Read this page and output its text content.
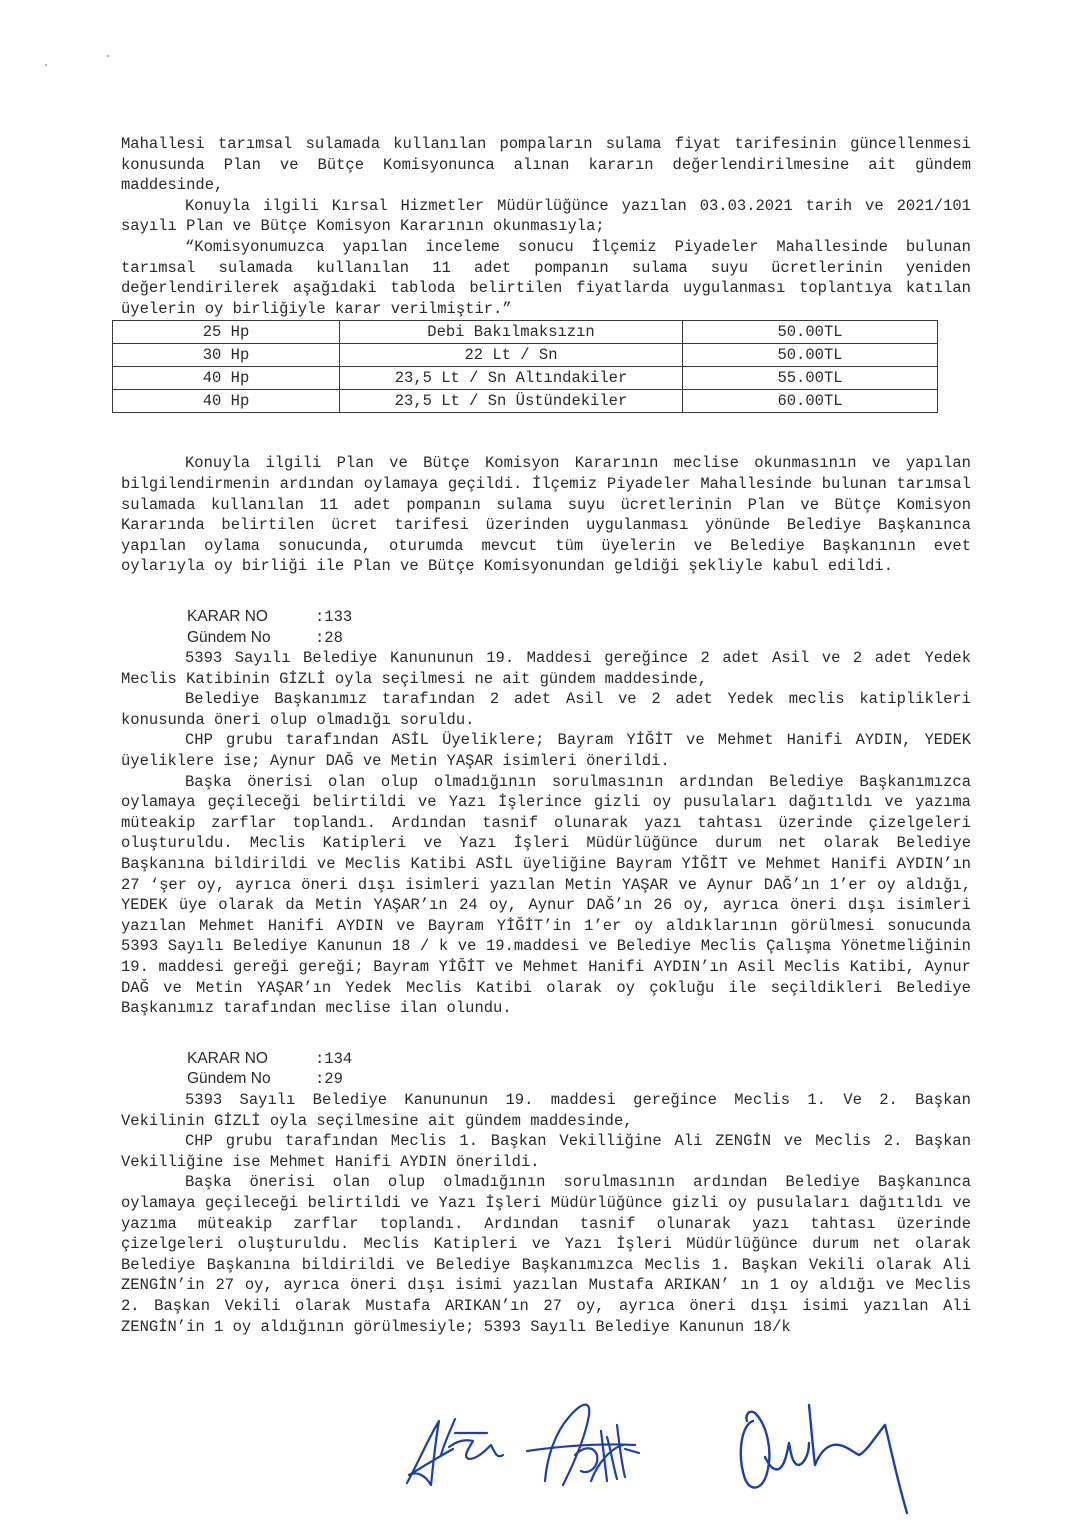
Mahallesi tarımsal sulamada kullanılan pompaların sulama fiyat tarifesinin güncellenmesi konusunda Plan ve Bütçe Komisyonunca alınan kararın değerlendirilmesine ait gündem maddesinde,

Konuyla ilgili Kırsal Hizmetler Müdürlüğünce yazılan 03.03.2021 tarih ve 2021/101 sayılı Plan ve Bütçe Komisyon Kararının okunmasıyla;

“Komisyonumuzca yapılan inceleme sonucu İlçemiz Piyadeler Mahallesinde bulunan tarımsal sulamada kullanılan 11 adet pompanın sulama suyu ücretlerinin yeniden değerlendirilerek aşağıdaki tabloda belirtilen fiyatlarda uygulanması toplantıya katılan üyelerin oy birliğiyle karar verilmiştir.”

25 Hp	Debi Bakılmaksızın	50.00TL
30 Hp	22 Lt / Sn	50.00TL
40 Hp	23,5 Lt / Sn Altındakiler	55.00TL
40 Hp	23,5 Lt / Sn Üstündekiler	60.00TL

Konuyla ilgili Plan ve Bütçe Komisyon Kararının meclise okunmasının ve yapılan bilgilendirmenin ardından oylamaya geçildi. İlçemiz Piyadeler Mahallesinde bulunan tarımsal sulamada kullanılan 11 adet pompanın sulama suyu ücretlerinin Plan ve Bütçe Komisyon Kararında belirtilen ücret tarifesi üzerinden uygulanması yönünde Belediye Başkanınca yapılan oylama sonucunda, oturumda mevcut tüm üyelerin ve Belediye Başkanının evet oylarıyla oy birliği ile Plan ve Bütçe Komisyonundan geldiği şekliyle kabul edildi.

KARAR NO	:133

Gündem No	:28

5393 Sayılı Belediye Kanununun 19. Maddesi gereğince 2 adet Asil ve 2 adet Yedek Meclis Katibinin GİZLİ oyla seçilmesi ne ait gündem maddesinde,

Belediye Başkanımız tarafından 2 adet Asil ve 2 adet Yedek meclis katiplikleri konusunda öneri olup olmadığı soruldu.

CHP grubu tarafından ASİL Üyeliklere; Bayram YİĞİT ve Mehmet Hanifi AYDIN, YEDEK üyeliklere ise; Aynur DAĞ ve Metin YAŞAR isimleri önerildi.

Başka önerisi olan olup olmadığının sorulmasının ardından Belediye Başkanımızca oylamaya geçileceği belirtildi ve Yazı İşlerince gizli oy pusulaları dağıtıldı ve yazıma müteakip zarflar toplandı. Ardından tasnif olunarak yazı tahtası üzerinde çizelgeleri oluşturuldu. Meclis Katipleri ve Yazı İşleri Müdürlüğünce durum net olarak Belediye Başkanına bildirildi ve Meclis Katibi ASİL üyeliğine Bayram YİĞİT ve Mehmet Hanifi AYDIN’ın 27 ‘şer oy, ayrıca öneri dışı isimleri yazılan Metin YAŞAR ve Aynur DAĞ’ın 1’er oy aldığı, YEDEK üye olarak da Metin YAŞAR’ın 24 oy, Aynur DAĞ’ın 26 oy, ayrıca öneri dışı isimleri yazılan Mehmet Hanifi AYDIN ve Bayram YİĞİT’in 1’er oy aldıklarının görülmesi sonucunda 5393 Sayılı Belediye Kanunun 18 / k ve 19.maddesi ve Belediye Meclis Çalışma Yönetmeliğinin 19. maddesi gereği gereği; Bayram YİĞİT ve Mehmet Hanifi AYDIN’ın Asil Meclis Katibi, Aynur DAĞ ve Metin YAŞAR’ın Yedek Meclis Katibi olarak oy çokluğu ile seçildikleri Belediye Başkanımız tarafından meclise ilan olundu.

KARAR NO	:134

Gündem No	:29

5393 Sayılı Belediye Kanununun 19. maddesi gereğince Meclis 1. Ve 2. Başkan Vekilinin GİZLİ oyla seçilmesine ait gündem maddesinde,

CHP grubu tarafından Meclis 1. Başkan Vekilliğine Ali ZENGİN ve Meclis 2. Başkan Vekilliğine ise Mehmet Hanifi AYDIN önerildi.

Başka önerisi olan olup olmadığının sorulmasının ardından Belediye Başkanınca oylamaya geçileceği belirtildi ve Yazı İşleri Müdürlüğünce gizli oy pusulaları dağıtıldı ve yazıma müteakip zarflar toplandı. Ardından tasnif olunarak yazı tahtası üzerinde çizelgeleri oluşturuldu. Meclis Katipleri ve Yazı İşleri Müdürlüğünce durum net olarak Belediye Başkanına bildirildi ve Belediye Başkanımızca Meclis 1. Başkan Vekili olarak Ali ZENGİN’in 27 oy, ayrıca öneri dışı isimi yazılan Mustafa ARIKAN’ ın 1 oy aldığı ve Meclis 2. Başkan Vekili olarak Mustafa ARIKAN’ın 27 oy, ayrıca öneri dışı isimi yazılan Ali ZENGİN’in 1 oy aldığının görülmesiyle; 5393 Sayılı Belediye Kanunun 18/k
